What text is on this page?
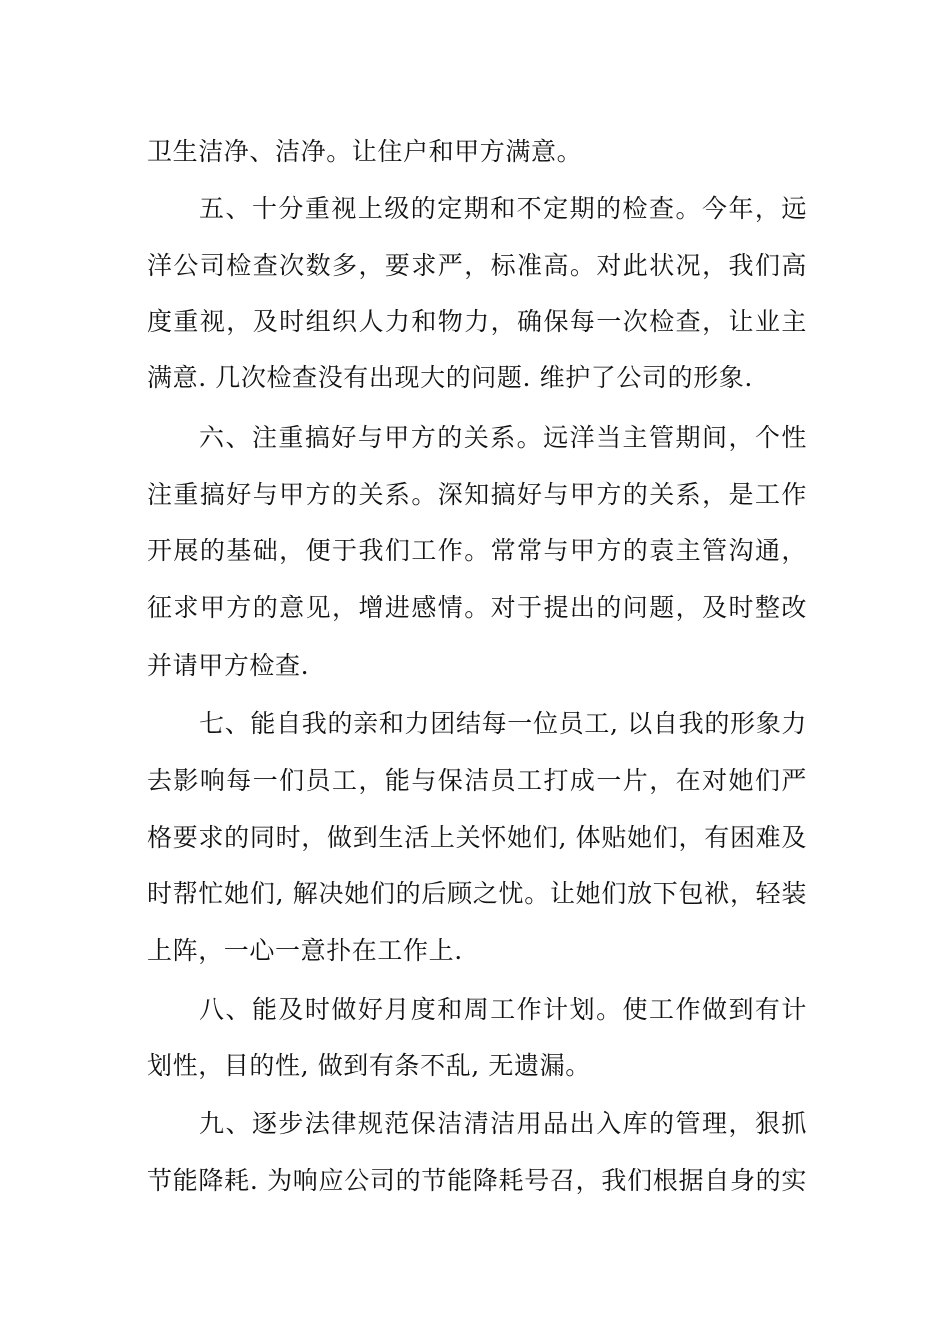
卫生洁净、洁净。让住户和甲方满意。
五、十分重视上级的定期和不定期的检查。今年，远
洋公司检查次数多，要求严，标准高。对此状况，我们高
度重视，及时组织人力和物力，确保每一次检查，让业主
满意. 几次检查没有出现大的问题. 维护了公司的形象.
六、注重搞好与甲方的关系。远洋当主管期间，个性
注重搞好与甲方的关系。深知搞好与甲方的关系，是工作
开展的基础，便于我们工作。常常与甲方的袁主管沟通，
征求甲方的意见，增进感情。对于提出的问题，及时整改
并请甲方检查.
七、能自我的亲和力团结每一位员工, 以自我的形象力
去影响每一们员工，能与保洁员工打成一片，在对她们严
格要求的同时，做到生活上关怀她们, 体贴她们，有困难及
时帮忙她们, 解决她们的后顾之忧。让她们放下包袱，轻装
上阵，一心一意扑在工作上.
八、能及时做好月度和周工作计划。使工作做到有计
划性，目的性, 做到有条不乱, 无遗漏。
九、逐步法律规范保洁清洁用品出入库的管理，狠抓
节能降耗. 为响应公司的节能降耗号召，我们根据自身的实
